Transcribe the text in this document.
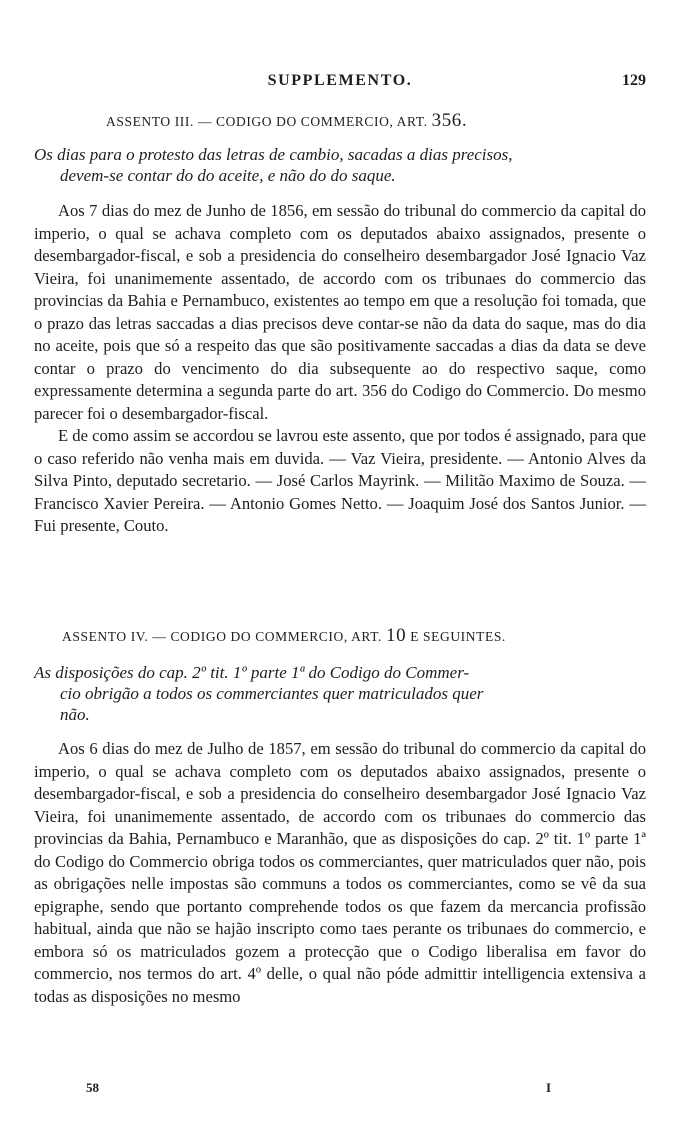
SUPPLEMENTO.	129
ASSENTO III. — CODIGO DO COMMERCIO, ART. 356.
Os dias para o protesto das letras de cambio, sacadas a dias precisos,
devem-se contar do do aceite, e não do do saque.

Aos 7 dias do mez de Junho de 1856, em sessão do tribunal do commercio da capital do imperio, o qual se achava completo com os deputados abaixo assignados, presente o desembargador-fiscal, e sob a presidencia do conselheiro desembargador José Ignacio Vaz Vieira, foi unanimemente assentado, de accordo com os tribunaes do commercio das provincias da Bahia e Pernambuco, existentes ao tempo em que a resolução foi tomada, que o prazo das letras saccadas a dias precisos deve contar-se não da data do saque, mas do dia no aceite, pois que só a respeito das que são positivamente saccadas a dias da data se deve contar o prazo do vencimento do dia subsequente ao do respectivo saque, como expressamente determina a segunda parte do art. 356 do Codigo do Commercio. Do mesmo parecer foi o desembargador-fiscal.

E de como assim se accordou se lavrou este assento, que por todos é assignado, para que o caso referido não venha mais em duvida. — Vaz Vieira, presidente. — Antonio Alves da Silva Pinto, deputado secretario. — José Carlos Mayrink. — Militão Maximo de Souza. — Francisco Xavier Pereira. — Antonio Gomes Netto. — Joaquim José dos Santos Junior. — Fui presente, Couto.

ASSENTO IV. — CODIGO DO COMMERCIO, ART. 10 E SEGUINTES.
As disposições do cap. 2º tit. 1º parte 1ª do Codigo do Commer-
cio obrigão a todos os commerciantes quer matriculados quer
não.

Aos 6 dias do mez de Julho de 1857, em sessão do tribunal do commercio da capital do imperio, o qual se achava completo com os deputados abaixo assignados, presente o desembargador-fiscal, e sob a presidencia do conselheiro desembargador José Ignacio Vaz Vieira, foi unanimemente assentado, de accordo com os tribunaes do commercio das provincias da Bahia, Pernambuco e Maranhão, que as disposições do cap. 2º tit. 1º parte 1ª do Codigo do Commercio obriga todos os commerciantes, quer matriculados quer não, pois as obrigações nelle impostas são communs a todos os commerciantes, como se vê da sua epigraphe, sendo que portanto comprehende todos os que fazem da mercancia profissão habitual, ainda que não se hajão inscripto como taes perante os tribunaes do commercio, e embora só os matriculados gozem a protecção que o Codigo liberalisa em favor do commercio, nos termos do art. 4º delle, o qual não póde admittir intelligencia extensiva a todas as disposições no mesmo

58	I
